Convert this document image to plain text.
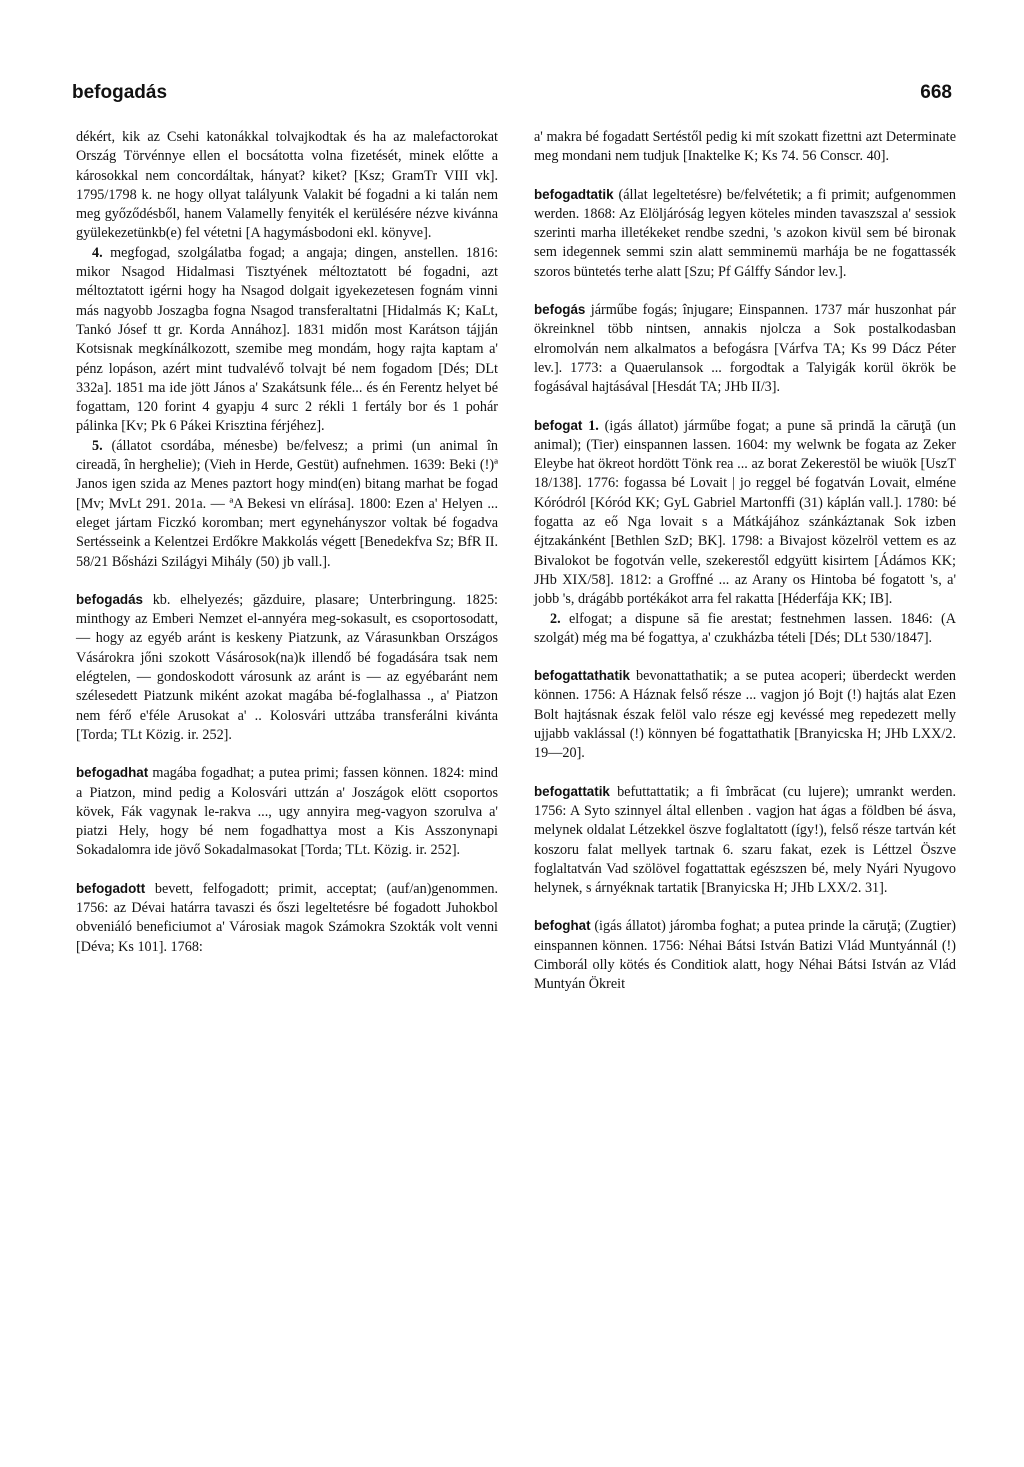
befogadás	668

dékért, kik az Csehi katonákkal tolvajkodtak és ha az malefactorokat Ország Törvénnye ellen el bocsátotta volna fizetését, minek előtte a károsokkal nem concordáltak, hányat? kiket? [Ksz; GramTr VIII vk]. 1795/1798 k. ne hogy ollyat talályunk Valakit bé fogadni a ki talán nem meg győződésből, hanem Valamelly fenyiték el kerülésére nézve kivánna gyülekezetünkb(e) fel vétetni [A hagymásbodoni ekl. könyve].

4. megfogad, szolgálatba fogad; a angaja; dingen, anstellen. 1816: mikor Nsagod Hidalmasi Tisztyének méltoztatott bé fogadni, azt méltoztatott igérni hogy ha Nsagod dolgait igyekezetesen fognám vinni más nagyobb Joszagba fogna Nsagod transferaltatni [Hidalmás K; KaLt, Tankó Jósef tt gr. Korda Annához]. 1831 midőn most Karátson tájján Kotsisnak megkínálkozott, szemibe meg mondám, hogy rajta kaptam a' pénz lopáson, azért mint tudvalévő tolvajt bé nem fogadom [Dés; DLt 332a]. 1851 ma ide jött János a' Szakátsunk féle... és én Ferentz helyet bé fogattam, 120 forint 4 gyapju 4 surc 2 rékli 1 fertály bor és 1 pohár pálinka [Kv; Pk 6 Pákei Krisztina férjéhez].

5. (állatot csordába, ménesbe) be/felvesz; a primi (un animal în cireadă, în herghelie); (Vieh in Herde, Gestüt) aufnehmen. 1639: Beki (!)ª Janos igen szida az Menes paztort hogy mind(en) bitang marhat be fogad [Mv; MvLt 291. 201a. — ªA Bekesi vn elírása]. 1800: Ezen a' Helyen ... eleget jártam Ficzkó koromban; mert egynehányszor voltak bé fogadva Sertésseink a Kelentzei Erdőkre Makkolás végett [Benedekfva Sz; BfR II. 58/21 Bősházi Szilágyi Mihály (50) jb vall.].

befogadás kb. elhelyezés; găzduire, plasare; Unterbringung. 1825: minthogy az Emberi Nemzet el-annyéra meg-sokasult, es csoportosodatt, — hogy az egyéb aránt is keskeny Piatzunk, az Várasunkban Országos Vásárokra jőni szokott Vásárosok(na)k illendő bé fogadására tsak nem elégtelen, — gondoskodott városunk az aránt is — az egyébaránt nem szélesedett Piatzunk miként azokat magába bé-foglalhassa ., a' Piatzon nem férő e'féle Arusokat a' .. Kolosvári uttzába transferálni kivánta [Torda; TLt Közig. ir. 252].

befogadhat magába fogadhat; a putea primi; fassen können. 1824: mind a Piatzon, mind pedig a Kolosvári uttzán a' Joszágok elött csoportos kövek, Fák vagynak le-rakva ..., ugy annyira meg-vagyon szorulva a' piatzi Hely, hogy bé nem fogadhattya most a Kis Asszonynapi Sokadalomra ide jövő Sokadalmasokat [Torda; TLt. Közig. ir. 252].

befogadott bevett, felfogadott; primit, acceptat; (auf/an)genommen. 1756: az Dévai határra tavaszi és őszi legeltetésre bé fogadott Juhokbol obveniáló beneficiumot a' Városiak magok Számokra Szokták volt venni [Déva; Ks 101]. 1768:

a' makra bé fogadatt Sertéstől pedig ki mít szokatt fizettni azt Determinate meg mondani nem tudjuk [Inaktelke K; Ks 74. 56 Conscr. 40].

befogadtatik (állat legeltetésre) be/felvétetik; a fi primit; aufgenommen werden. 1868: Az Elöljáróság legyen köteles minden tavaszszal a' sessiok szerinti marha illetékeket rendbe szedni, 's azokon kivül sem bé bironak sem idegennek semmi szin alatt semminemü marhája be ne fogattassék szoros büntetés terhe alatt [Szu; Pf Gálffy Sándor lev.].

befogás járműbe fogás; înjugare; Einspannen. 1737 már huszonhat pár ökreinknel több nintsen, annakis njolcza a Sok postalkodasban elromolván nem alkalmatos a befogásra [Várfva TA; Ks 99 Dácz Péter lev.]. 1773: a Quaerulansok ... forgodtak a Talyigák korül ökrök be fogásával hajtásával [Hesdát TA; JHb II/3].

befogat 1. (igás állatot) járműbe fogat; a pune să prindă la căruţă (un animal); (Tier) einspannen lassen. 1604: my welwnk be fogata az Zeker Eleybe hat ökreot hordött Tönk rea ... az borat Zekerestöl be wiuök [UszT 18/138]. 1776: fogassa bé Lovait | jo reggel bé fogatván Lovait, elméne Kóródról [Kóród KK; GyL Gabriel Martonffi (31) káplán vall.]. 1780: bé fogatta az eő Nga lovait s a Mátkájához szánkáztanak Sok izben éjtzakánként [Bethlen SzD; BK]. 1798: a Bivajost közelröl vettem es az Bivalokot be fogotván velle, szekerestől edgyütt kisirtem [Ádámos KK; JHb XIX/58]. 1812: a Groffné ... az Arany os Hintoba bé fogatott 's, a' jobb 's, drágább portékákot arra fel rakatta [Héderfája KK; IB].

2. elfogat; a dispune să fie arestat; festnehmen lassen. 1846: (A szolgát) még ma bé fogattya, a' czukházba tételi [Dés; DLt 530/1847].

befogattathatik bevonattathatik; a se putea acoperi; überdeckt werden können. 1756: A Háznak felső része ... vagjon jó Bojt (!) hajtás alat Ezen Bolt hajtásnak észak felöl valo része egj kevéssé meg repedezett melly ujjabb vaklással (!) könnyen bé fogattathatik [Branyicska H; JHb LXX/2. 19—20].

befogattatik befuttattatik; a fi îmbrăcat (cu lujere); umrankt werden. 1756: A Syto szinnyel által ellenben . vagjon hat ágas a földben bé ásva, melynek oldalat Létzekkel öszve foglaltatott (így!), felső része tartván két koszoru falat mellyek tartnak 6. szaru fakat, ezek is Léttzel Öszve foglaltatván Vad szölövel fogattattak egészszen bé, mely Nyári Nyugovo helynek, s árnyéknak tartatik [Branyicska H; JHb LXX/2. 31].

befoghat (igás állatot) járomba foghat; a putea prinde la căruţă; (Zugtier) einspannen können. 1756: Néhai Bátsi István Batizi Vlád Muntyánnál (!) Cimborál olly kötés és Conditiok alatt, hogy Néhai Bátsi István az Vlád Muntyán Ökreit
